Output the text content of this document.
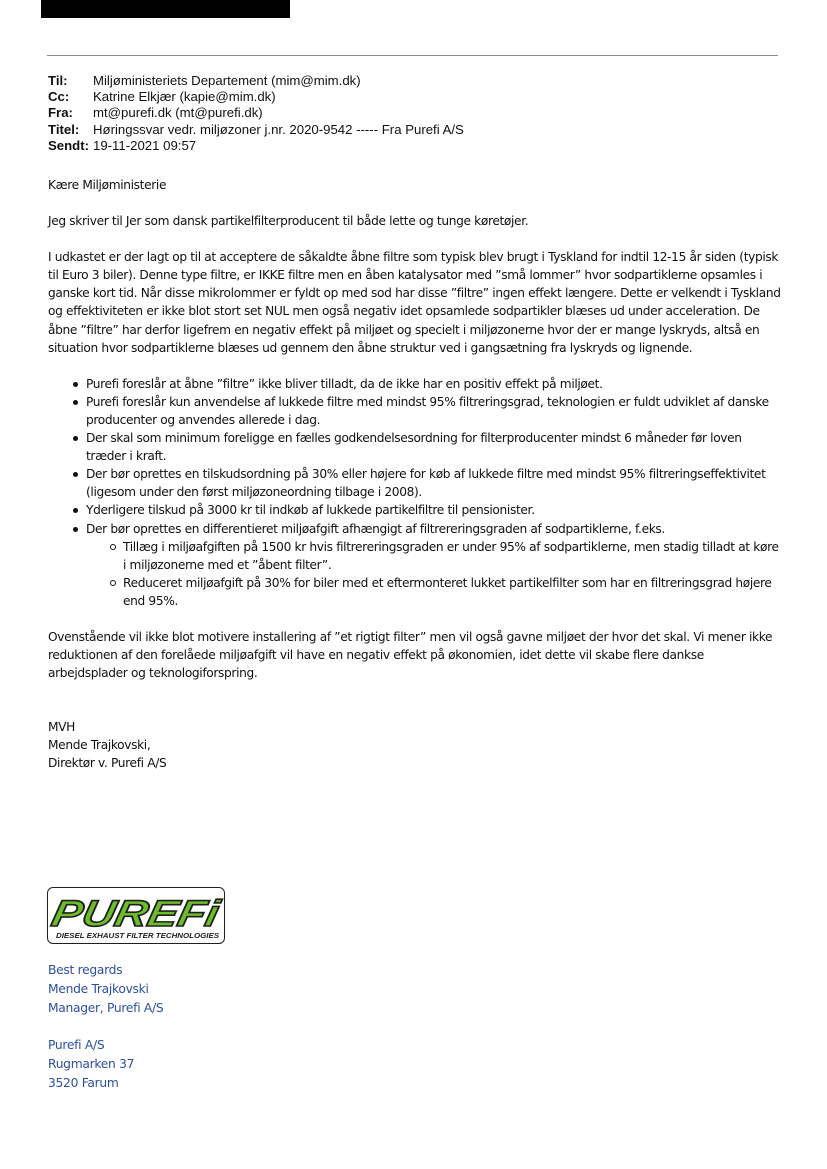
Til:	Miljøministeriets Departement (mim@mim.dk)
Cc:	Katrine Elkjær (kapie@mim.dk)
Fra:	mt@purefi.dk (mt@purefi.dk)
Titel:	Høringssvar vedr. miljøzoner j.nr. 2020-9542 ----- Fra Purefi A/S
Sendt: 19-11-2021 09:57

Kære Miljøministerie

Jeg skriver til Jer som dansk partikelfilterproducent til både lette og tunge køretøjer.

I udkastet er der lagt op til at acceptere de såkaldte åbne filtre som typisk blev brugt i Tyskland for indtil 12-15 år siden (typisk til Euro 3 biler). Denne type filtre, er IKKE filtre men en åben katalysator med ”små lommer” hvor sodpartiklerne opsamles i ganske kort tid. Når disse mikrolommer er fyldt op med sod har disse ”filtre” ingen effekt længere. Dette er velkendt i Tyskland og effektiviteten er ikke blot stort set NUL men også negativ idet opsamlede sodpartikler blæses ud under acceleration. De åbne ”filtre” har derfor ligefrem en negativ effekt på miljøet og specielt i miljøzonerne hvor der er mange lyskryds, altså en situation hvor sodpartiklerne blæses ud gennem den åbne struktur ved i gangsætning fra lyskryds og lignende.

Purefi foreslår at åbne ”filtre” ikke bliver tilladt, da de ikke har en positiv effekt på miljøet.
Purefi foreslår kun anvendelse af lukkede filtre med mindst 95% filtreringsgrad, teknologien er fuldt udviklet af danske producenter og anvendes allerede i dag.
Der skal som minimum foreligge en fælles godkendelsesordning for filterproducenter mindst 6 måneder før loven træder i kraft.
Der bør oprettes en tilskudsordning på 30% eller højere for køb af lukkede filtre med mindst 95% filtreringseffektivitet (ligesom under den først miljøzoneordning tilbage i 2008).
Yderligere tilskud på 3000 kr til indkøb af lukkede partikelfiltre til pensionister.
Der bør oprettes en differentieret miljøafgift afhængigt af filtrereringsgraden af sodpartiklerne, f.eks.
Tillæg i miljøafgiften på 1500 kr hvis filtrereringsgraden er under 95% af sodpartiklerne, men stadig tilladt at køre i miljøzonerne med et ”åbent filter”.
Reduceret miljøafgift på 30% for biler med et eftermonteret lukket partikelfilter som har en filtreringsgrad højere end 95%.

Ovenstående vil ikke blot motivere installering af ”et rigtigt filter” men vil også gavne miljøet der hvor det skal. Vi mener ikke reduktionen af den forelåede miljøafgift vil have en negativ effekt på økonomien, idet dette vil skabe flere dankse arbejdsplader og teknologiforspring.

MVH

Mende Trajkovski,

Direktør v. Purefi A/S

PUREFi
DIESEL EXHAUST FILTER TECHNOLOGIES
Best regards
Mende Trajkovski
Manager, Purefi A/S
Purefi A/S
Rugmarken 37
3520 Farum
